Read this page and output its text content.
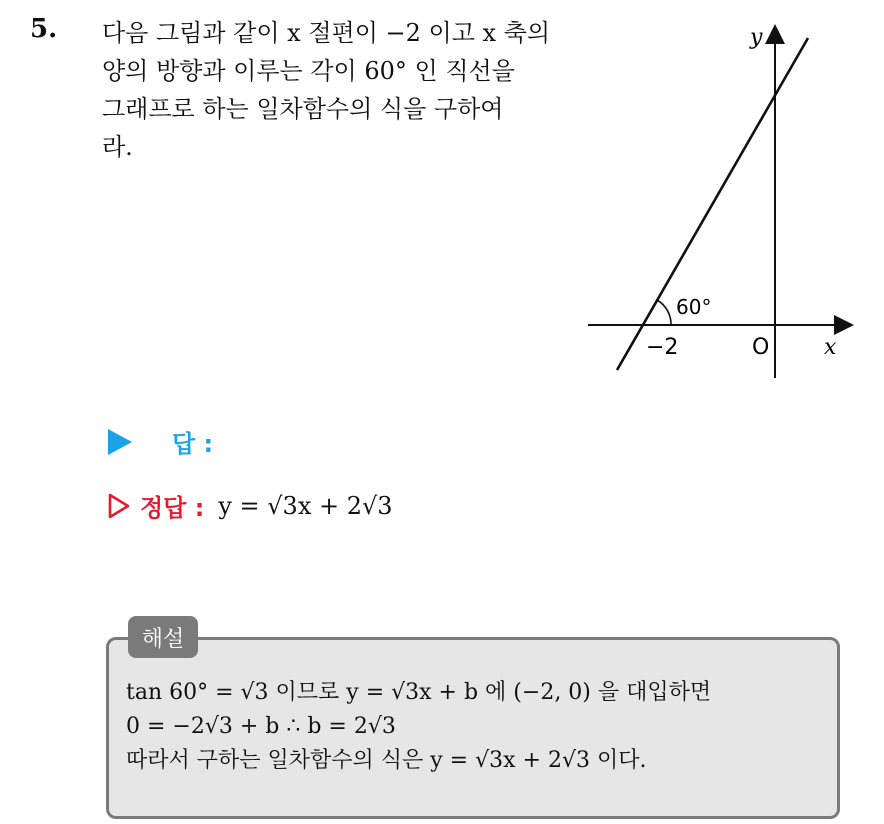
5. 다음 그림과 같이 x 절편이 −2 이고 x 축의
양의 방향과 이루는 각이 60° 인 직선을
그래프로 하는 일차함수의 식을 구하여
라.
y
x
O
−2
60°
답 :
정답 : y = √3x + 2√3
해설
tan 60° = √3 이므로 y = √3x + b 에 (−2, 0) 을 대입하면
0 = −2√3 + b ∴ b = 2√3
따라서 구하는 일차함수의 식은 y = √3x + 2√3 이다.
